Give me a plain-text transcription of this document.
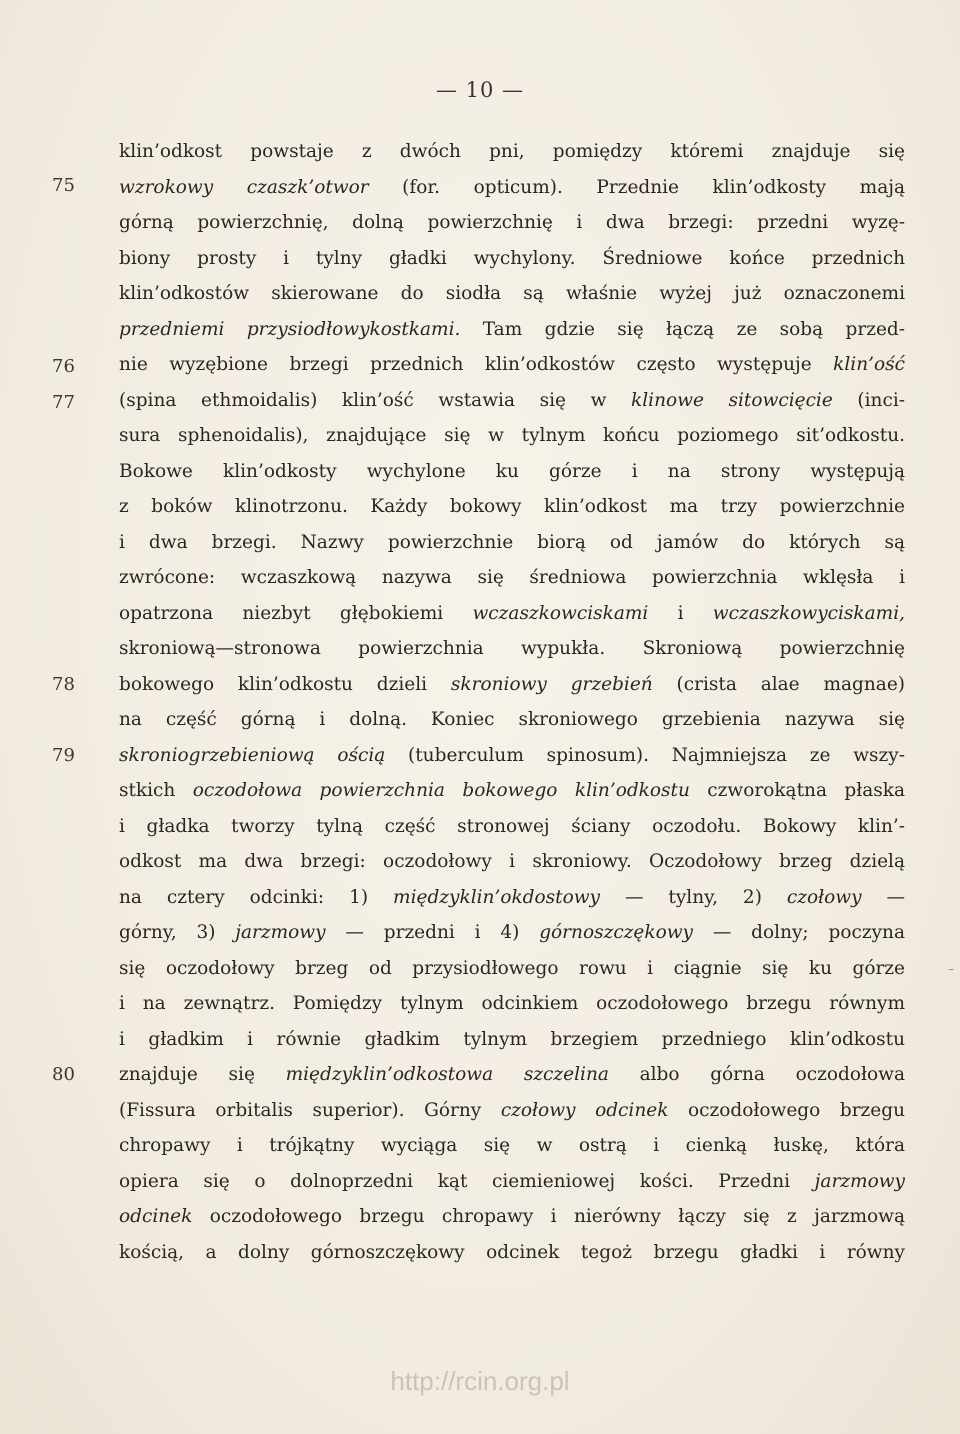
— 10 —
75
76
77
78
79
80
klin’odkost powstaje z dwóch pni, pomiędzy któremi znajduje się
wzrokowy czaszk’otwor (for. opticum). Przednie klin’odkosty mają
górną powierzchnię, dolną powierzchnię i dwa brzegi: przedni wyzę-
biony prosty i tylny gładki wychylony. Średniowe końce przednich
klin’odkostów skierowane do siodła są właśnie wyżej już oznaczonemi
przedniemi przysiodłowykostkami. Tam gdzie się łączą ze sobą przed-
nie wyzębione brzegi przednich klin’odkostów często występuje klin’ość
(spina ethmoidalis) klin’ość wstawia się w klinowe sitowcięcie (inci-
sura sphenoidalis), znajdujące się w tylnym końcu poziomego sit’odkostu.
Bokowe klin’odkosty wychylone ku górze i na strony występują
z boków klinotrzonu. Każdy bokowy klin’odkost ma trzy powierzchnie
i dwa brzegi. Nazwy powierzchnie biorą od jamów do których są
zwrócone: wczaszkową nazywa się średniowa powierzchnia wklęsła i
opatrzona niezbyt głębokiemi wczaszkowciskami i wczaszkowyciskami,
skroniową—stronowa powierzchnia wypukła. Skroniową powierzchnię
bokowego klin’odkostu dzieli skroniowy grzebień (crista alae magnae)
na część górną i dolną. Koniec skroniowego grzebienia nazywa się
skroniogrzebieniową ością (tuberculum spinosum). Najmniejsza ze wszy-
stkich oczodołowa powierzchnia bokowego klin’odkostu czworokątna płaska
i gładka tworzy tylną część stronowej ściany oczodołu. Bokowy klin’-
odkost ma dwa brzegi: oczodołowy i skroniowy. Oczodołowy brzeg dzielą
na cztery odcinki: 1) międzyklin’okdostowy — tylny, 2) czołowy —
górny, 3) jarzmowy — przedni i 4) górnoszczękowy — dolny; poczyna
się oczodołowy brzeg od przysiodłowego rowu i ciągnie się ku górze
i na zewnątrz. Pomiędzy tylnym odcinkiem oczodołowego brzegu równym
i gładkim i równie gładkim tylnym brzegiem przedniego klin’odkostu
znajduje się międzyklin’odkostowa szczelina albo górna oczodołowa
(Fissura orbitalis superior). Górny czołowy odcinek oczodołowego brzegu
chropawy i trójkątny wyciąga się w ostrą i cienką łuskę, która
opiera się o dolnoprzedni kąt ciemieniowej kości. Przedni jarzmowy
odcinek oczodołowego brzegu chropawy i nierówny łączy się z jarzmową
kością, a dolny górnoszczękowy odcinek tegoż brzegu gładki i równy
–
http://rcin.org.pl
